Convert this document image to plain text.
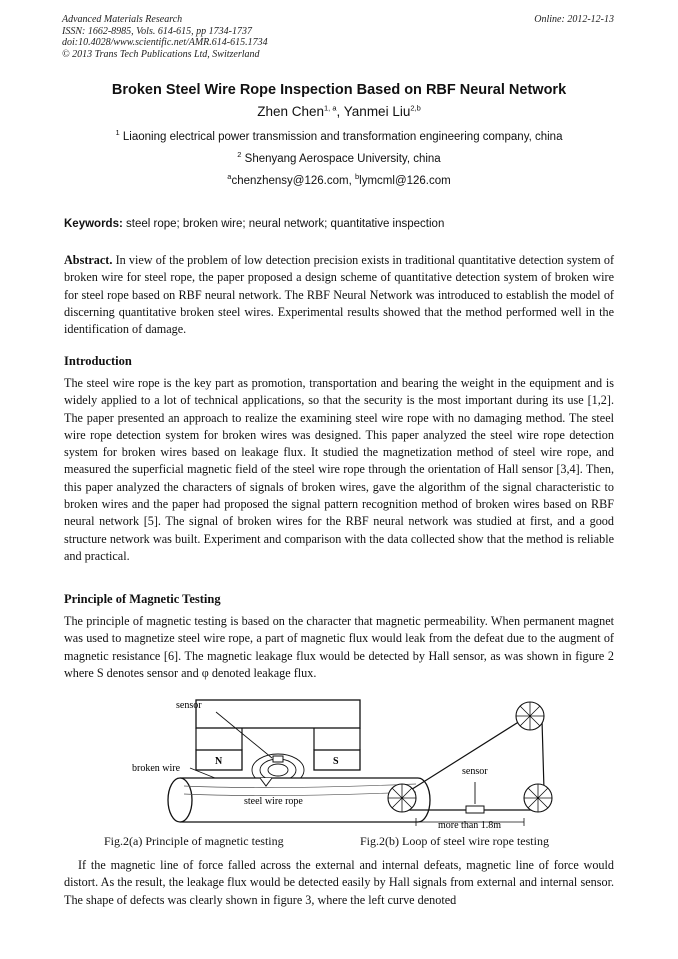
Advanced Materials Research
ISSN: 1662-8985, Vols. 614-615, pp 1734-1737
doi:10.4028/www.scientific.net/AMR.614-615.1734
© 2013 Trans Tech Publications Ltd, Switzerland
Online: 2012-12-13
Broken Steel Wire Rope Inspection Based on RBF Neural Network
Zhen Chen$^{1, a}$, Yanmei Liu$^{2,b}$
$^1$ Liaoning electrical power transmission and transformation engineering company, china
$^2$ Shenyang Aerospace University, china
$^a$chenzhensy@126.com, $^b$lymcml@126.com
Keywords: steel rope; broken wire; neural network; quantitative inspection
Abstract. In view of the problem of low detection precision exists in traditional quantitative detection system of broken wire for steel rope, the paper proposed a design scheme of quantitative detection system of broken wire for steel rope based on RBF neural network. The RBF Neural Network was introduced to establish the model of discerning quantitative broken steel wires. Experimental results showed that the method performed well in the identification of damage.
Introduction
The steel wire rope is the key part as promotion, transportation and bearing the weight in the equipment and is widely applied to a lot of technical applications, so that the security is the most important during its use [1,2]. The paper presented an approach to realize the examining steel wire rope with no damaging method. The steel wire rope detection system for broken wires was designed. This paper analyzed the steel wire rope detection system for broken wires based on leakage flux. It studied the magnetization method of steel wire rope, and measured the superficial magnetic field of the steel wire rope through the orientation of Hall sensor [3,4]. Then, this paper analyzed the characters of signals of broken wires, gave the algorithm of the signal characteristic to broken wires and the paper had proposed the signal pattern recognition method of broken wires based on RBF neural network [5]. The signal of broken wires for the RBF neural network was studied at first, and a good structure network was built. Experiment and comparison with the data collected show that the method is reliable and practical.
Principle of Magnetic Testing
The principle of magnetic testing is based on the character that magnetic permeability. When permanent magnet was used to magnetize steel wire rope, a part of magnetic flux would leak from the defeat due to the augment of magnetic resistance [6]. The magnetic leakage flux would be detected by Hall sensor, as was shown in figure 2 where S denotes sensor and φ denoted leakage flux.
sensor
broken wire
N	S
steel wire rope
sensor
more than 1.8m
Fig.2(a) Principle of magnetic testing	Fig.2(b) Loop of steel wire rope testing
If the magnetic line of force falled across the external and internal defeats, magnetic line of force would distort. As the result, the leakage flux would be detected easily by Hall signals from external and internal sensor. The shape of defects was clearly shown in figure 3, where the left curve denoted
